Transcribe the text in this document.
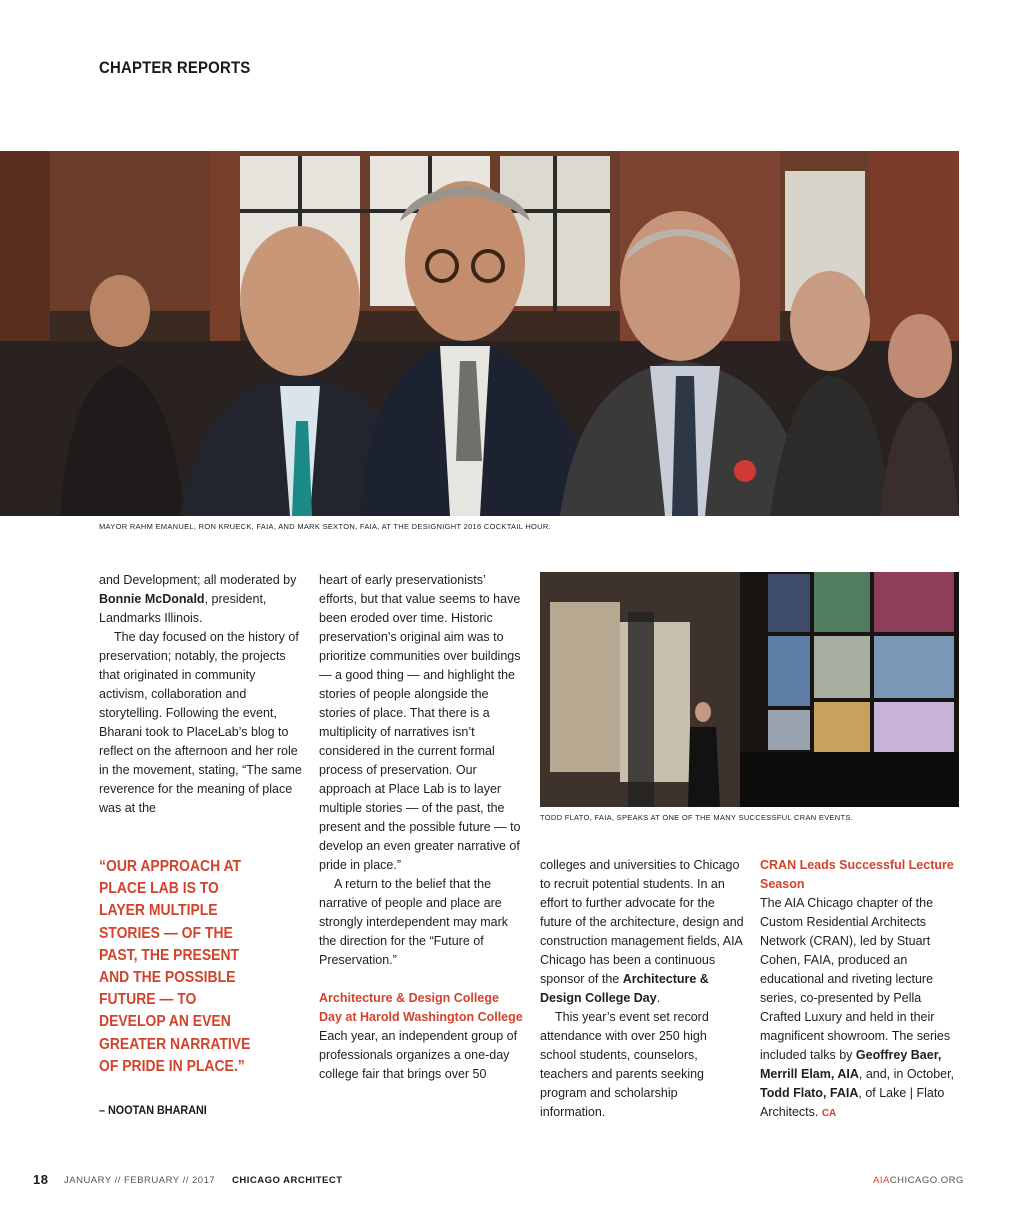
CHAPTER REPORTS
MAYOR RAHM EMANUEL, RON KRUECK, FAIA, AND MARK SEXTON, FAIA, AT THE DESIGNIGHT 2016 COCKTAIL HOUR.
TODD FLATO, FAIA, SPEAKS AT ONE OF THE MANY SUCCESSFUL CRAN EVENTS.

and Development; all moderated by Bonnie McDonald, president, Landmarks Illinois.

The day focused on the history of preservation; notably, the projects that originated in community activism, collaboration and storytelling. Following the event, Bharani took to PlaceLab’s blog to reflect on the afternoon and her role in the movement, stating, “The same reverence for the meaning of place was at the

“OUR APPROACH AT PLACE LAB IS TO LAYER MULTIPLE STORIES — OF THE PAST, THE PRESENT AND THE POSSIBLE FUTURE — TO DEVELOP AN EVEN GREATER NARRATIVE OF PRIDE IN PLACE.”
– NOOTAN BHARANI

heart of early preservationists’ efforts, but that value seems to have been eroded over time. Historic preservation’s original aim was to prioritize communities over buildings — a good thing — and highlight the stories of people alongside the stories of place. That there is a multiplicity of narratives isn’t considered in the current formal process of preservation. Our approach at Place Lab is to layer multiple stories — of the past, the present and the possible future — to develop an even greater narrative of pride in place.”

A return to the belief that the narrative of people and place are strongly interdependent may mark the direction for the “Future of Preservation.”

Architecture & Design College Day at Harold Washington College

Each year, an independent group of professionals organizes a one-day college fair that brings over 50

colleges and universities to Chicago to recruit potential students. In an effort to further advocate for the future of the architecture, design and construction management fields, AIA Chicago has been a continuous sponsor of the Architecture & Design College Day.

This year’s event set record attendance with over 250 high school students, counselors, teachers and parents seeking program and scholarship information.

CRAN Leads Successful Lecture Season

The AIA Chicago chapter of the Custom Residential Architects Network (CRAN), led by Stuart Cohen, FAIA, produced an educational and riveting lecture series, co-presented by Pella Crafted Luxury and held in their magnificent showroom. The series included talks by Geoffrey Baer, Merrill Elam, AIA, and, in October, Todd Flato, FAIA, of Lake | Flato Architects. CA

18 JANUARY // FEBRUARY // 2017 CHICAGO ARCHITECT	AIACHICAGO.ORG
